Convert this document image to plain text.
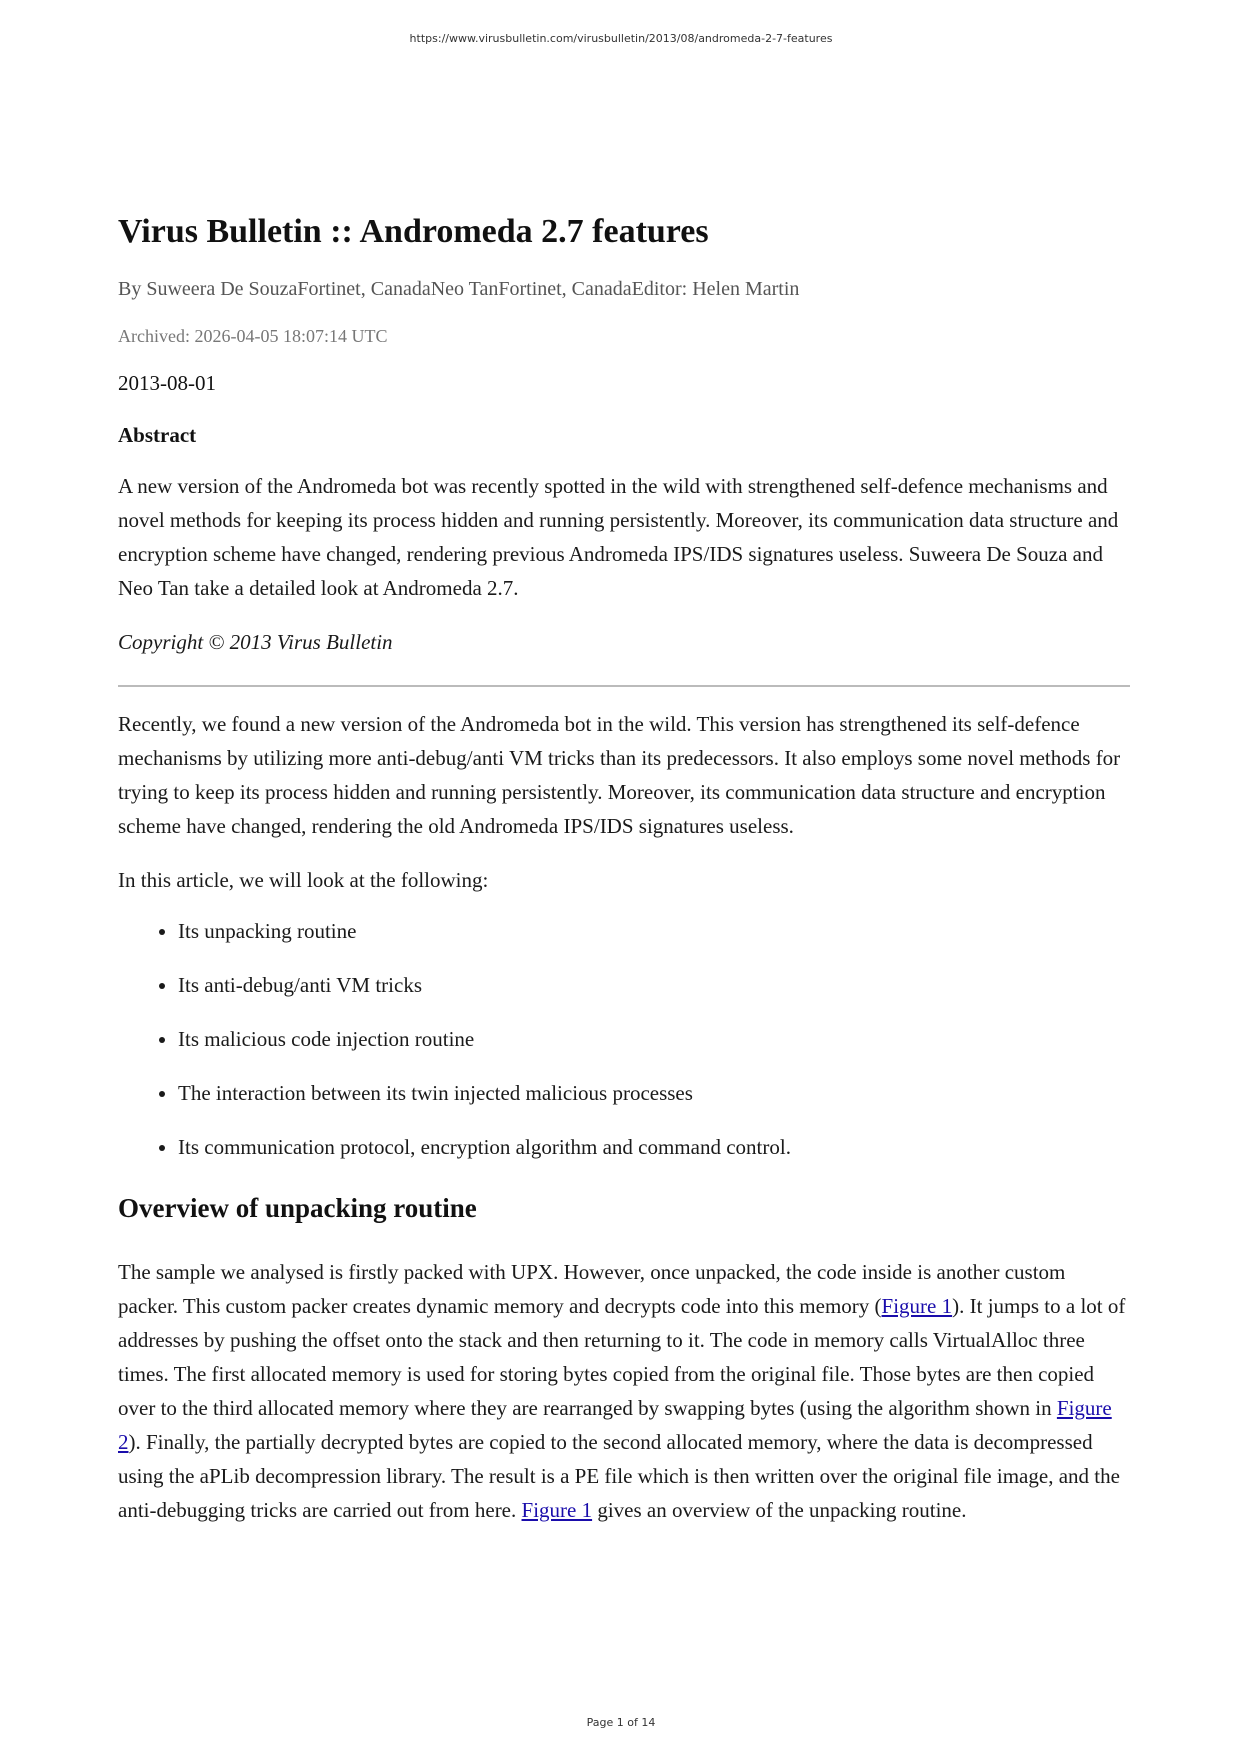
https://www.virusbulletin.com/virusbulletin/2013/08/andromeda-2-7-features
Virus Bulletin :: Andromeda 2.7 features
By Suweera De SouzaFortinet, CanadaNeo TanFortinet, CanadaEditor: Helen Martin
Archived: 2026-04-05 18:07:14 UTC
2013-08-01
Abstract

A new version of the Andromeda bot was recently spotted in the wild with strengthened self-defence mechanisms and novel methods for keeping its process hidden and running persistently. Moreover, its communication data structure and encryption scheme have changed, rendering previous Andromeda IPS/IDS signatures useless. Suweera De Souza and Neo Tan take a detailed look at Andromeda 2.7.

Copyright © 2013 Virus Bulletin

Recently, we found a new version of the Andromeda bot in the wild. This version has strengthened its self-defence mechanisms by utilizing more anti-debug/anti VM tricks than its predecessors. It also employs some novel methods for trying to keep its process hidden and running persistently. Moreover, its communication data structure and encryption scheme have changed, rendering the old Andromeda IPS/IDS signatures useless.

In this article, we will look at the following:

• Its unpacking routine
• Its anti-debug/anti VM tricks
• Its malicious code injection routine
• The interaction between its twin injected malicious processes
• Its communication protocol, encryption algorithm and command control.
Overview of unpacking routine

The sample we analysed is firstly packed with UPX. However, once unpacked, the code inside is another custom packer. This custom packer creates dynamic memory and decrypts code into this memory (Figure 1). It jumps to a lot of addresses by pushing the offset onto the stack and then returning to it. The code in memory calls VirtualAlloc three times. The first allocated memory is used for storing bytes copied from the original file. Those bytes are then copied over to the third allocated memory where they are rearranged by swapping bytes (using the algorithm shown in Figure 2). Finally, the partially decrypted bytes are copied to the second allocated memory, where the data is decompressed using the aPLib decompression library. The result is a PE file which is then written over the original file image, and the anti-debugging tricks are carried out from here. Figure 1 gives an overview of the unpacking routine.

Page 1 of 14
